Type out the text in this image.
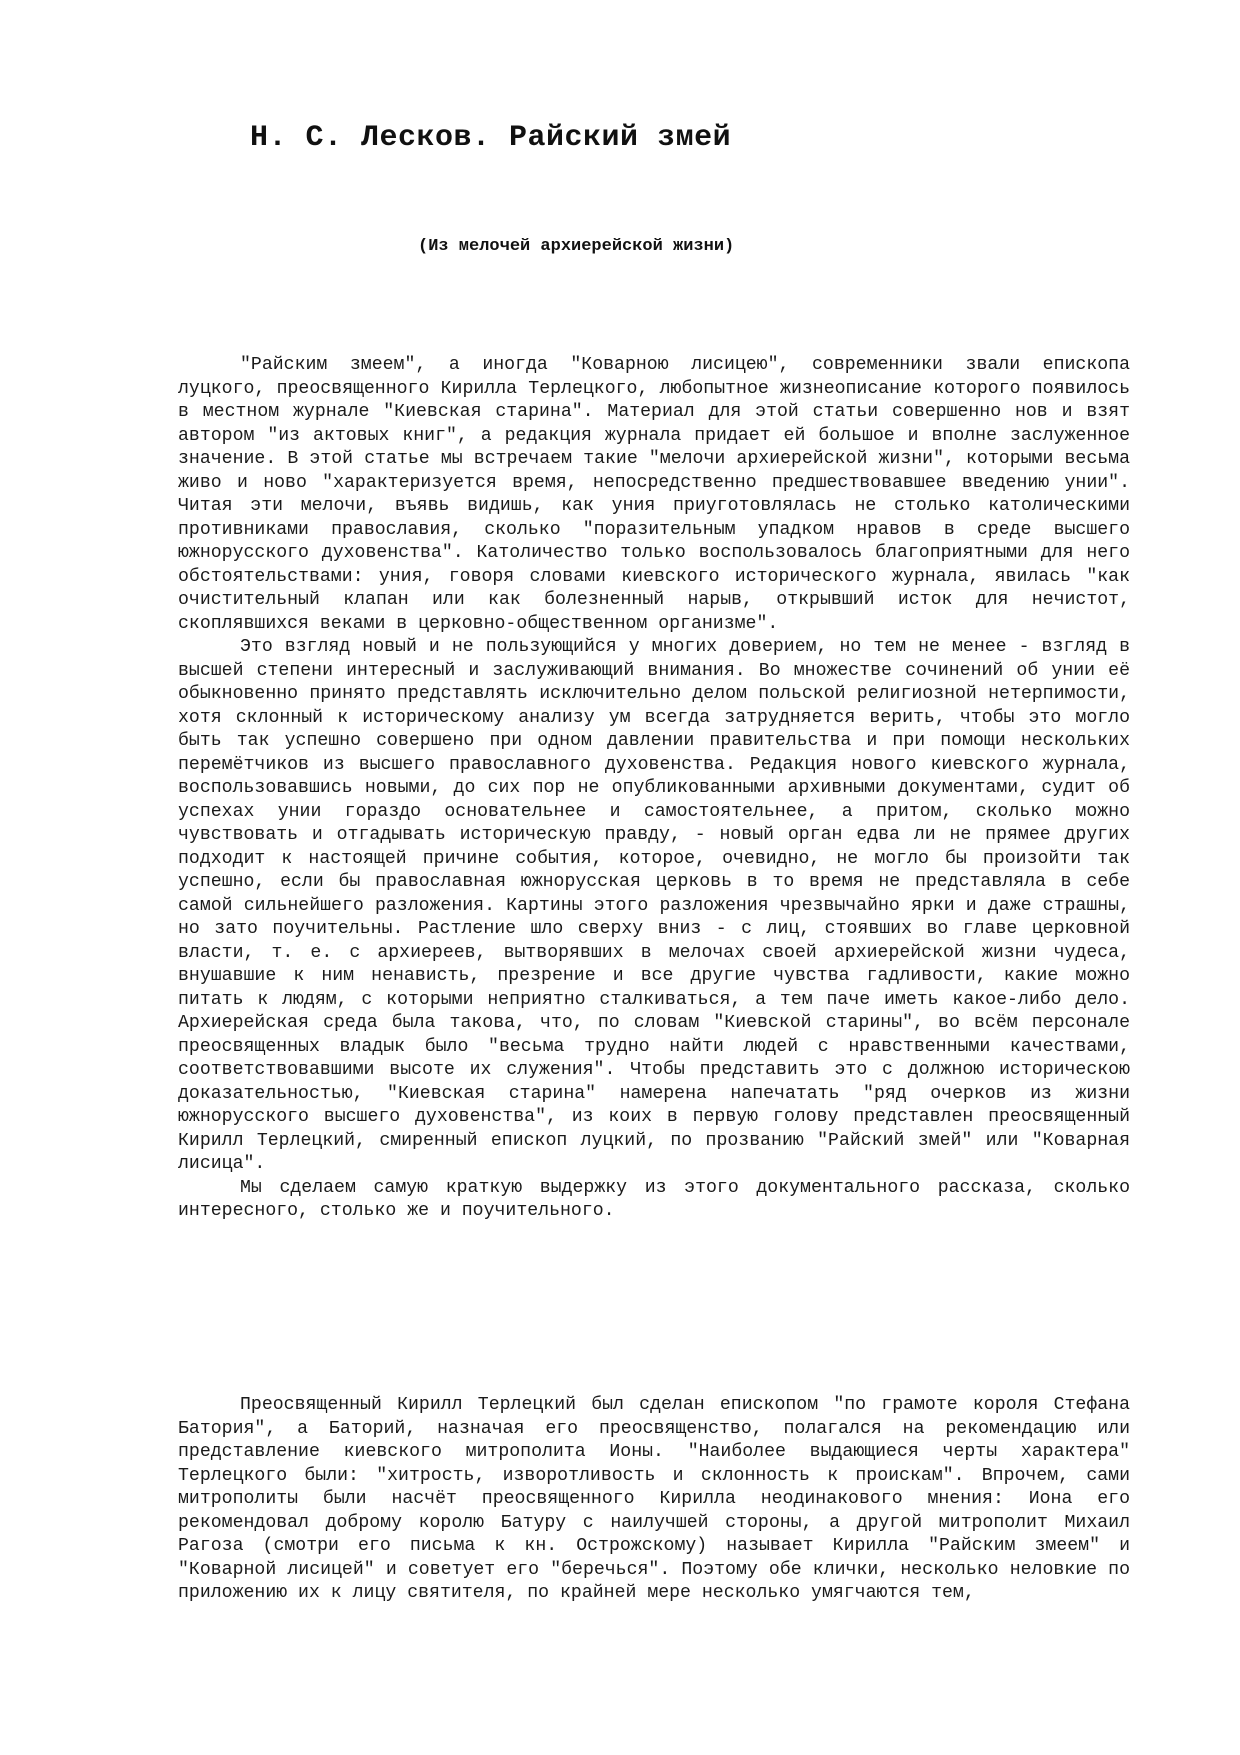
Н. С. Лесков. Райский змей
(Из мелочей архиерейской жизни)

"Райским змеем", а иногда "Коварною лисицею", современники звали епископа луцкого, преосвященного Кирилла Терлецкого, любопытное жизнеописание которого появилось в местном журнале "Киевская старина". Материал для этой статьи совершенно нов и взят автором "из актовых книг", а редакция журнала придает ей большое и вполне заслуженное значение. В этой статье мы встречаем такие "мелочи архиерейской жизни", которыми весьма живо и ново "характеризуется время, непосредственно предшествовавшее введению унии". Читая эти мелочи, въявь видишь, как уния приуготовлялась не столько католическими противниками православия, сколько "поразительным упадком нравов в среде высшего южнорусского духовенства". Католичество только воспользовалось благоприятными для него обстоятельствами: уния, говоря словами киевского исторического журнала, явилась "как очистительный клапан или как болезненный нарыв, открывший исток для нечистот, скоплявшихся веками в церковно-общественном организме".

Это взгляд новый и не пользующийся у многих доверием, но тем не менее - взгляд в высшей степени интересный и заслуживающий внимания. Во множестве сочинений об унии её обыкновенно принято представлять исключительно делом польской религиозной нетерпимости, хотя склонный к историческому анализу ум всегда затрудняется верить, чтобы это могло быть так успешно совершено при одном давлении правительства и при помощи нескольких перемётчиков из высшего православного духовенства. Редакция нового киевского журнала, воспользовавшись новыми, до сих пор не опубликованными архивными документами, судит об успехах унии гораздо основательнее и самостоятельнее, а притом, сколько можно чувствовать и отгадывать историческую правду, - новый орган едва ли не прямее других подходит к настоящей причине события, которое, очевидно, не могло бы произойти так успешно, если бы православная южнорусская церковь в то время не представляла в себе самой сильнейшего разложения. Картины этого разложения чрезвычайно ярки и даже страшны, но зато поучительны. Растление шло сверху вниз - с лиц, стоявших во главе церковной власти, т. е. с архиереев, вытворявших в мелочах своей архиерейской жизни чудеса, внушавшие к ним ненависть, презрение и все другие чувства гадливости, какие можно питать к людям, с которыми неприятно сталкиваться, а тем паче иметь какое-либо дело. Архиерейская среда была такова, что, по словам "Киевской старины", во всём персонале преосвященных владык было "весьма трудно найти людей с нравственными качествами, соответствовавшими высоте их служения". Чтобы представить это с должною историческою доказательностью, "Киевская старина" намерена напечатать "ряд очерков из жизни южнорусского высшего духовенства", из коих в первую голову представлен преосвященный Кирилл Терлецкий, смиренный епископ луцкий, по прозванию "Райский змей" или "Коварная лисица".

Мы сделаем самую краткую выдержку из этого документального рассказа, сколько интересного, столько же и поучительного.

Преосвященный Кирилл Терлецкий был сделан епископом "по грамоте короля Стефана Батория", а Баторий, назначая его преосвященство, полагался на рекомендацию или представление киевского митрополита Ионы. "Наиболее выдающиеся черты характера" Терлецкого были: "хитрость, изворотливость и склонность к проискам". Впрочем, сами митрополиты были насчёт преосвященного Кирилла неодинакового мнения: Иона его рекомендовал доброму королю Батуру с наилучшей стороны, а другой митрополит Михаил Рагоза (смотри его письма к кн. Острожскому) называет Кирилла "Райским змеем" и "Коварной лисицей" и советует его "беречься". Поэтому обе клички, несколько неловкие по приложению их к лицу святителя, по крайней мере несколько умягчаются тем,
